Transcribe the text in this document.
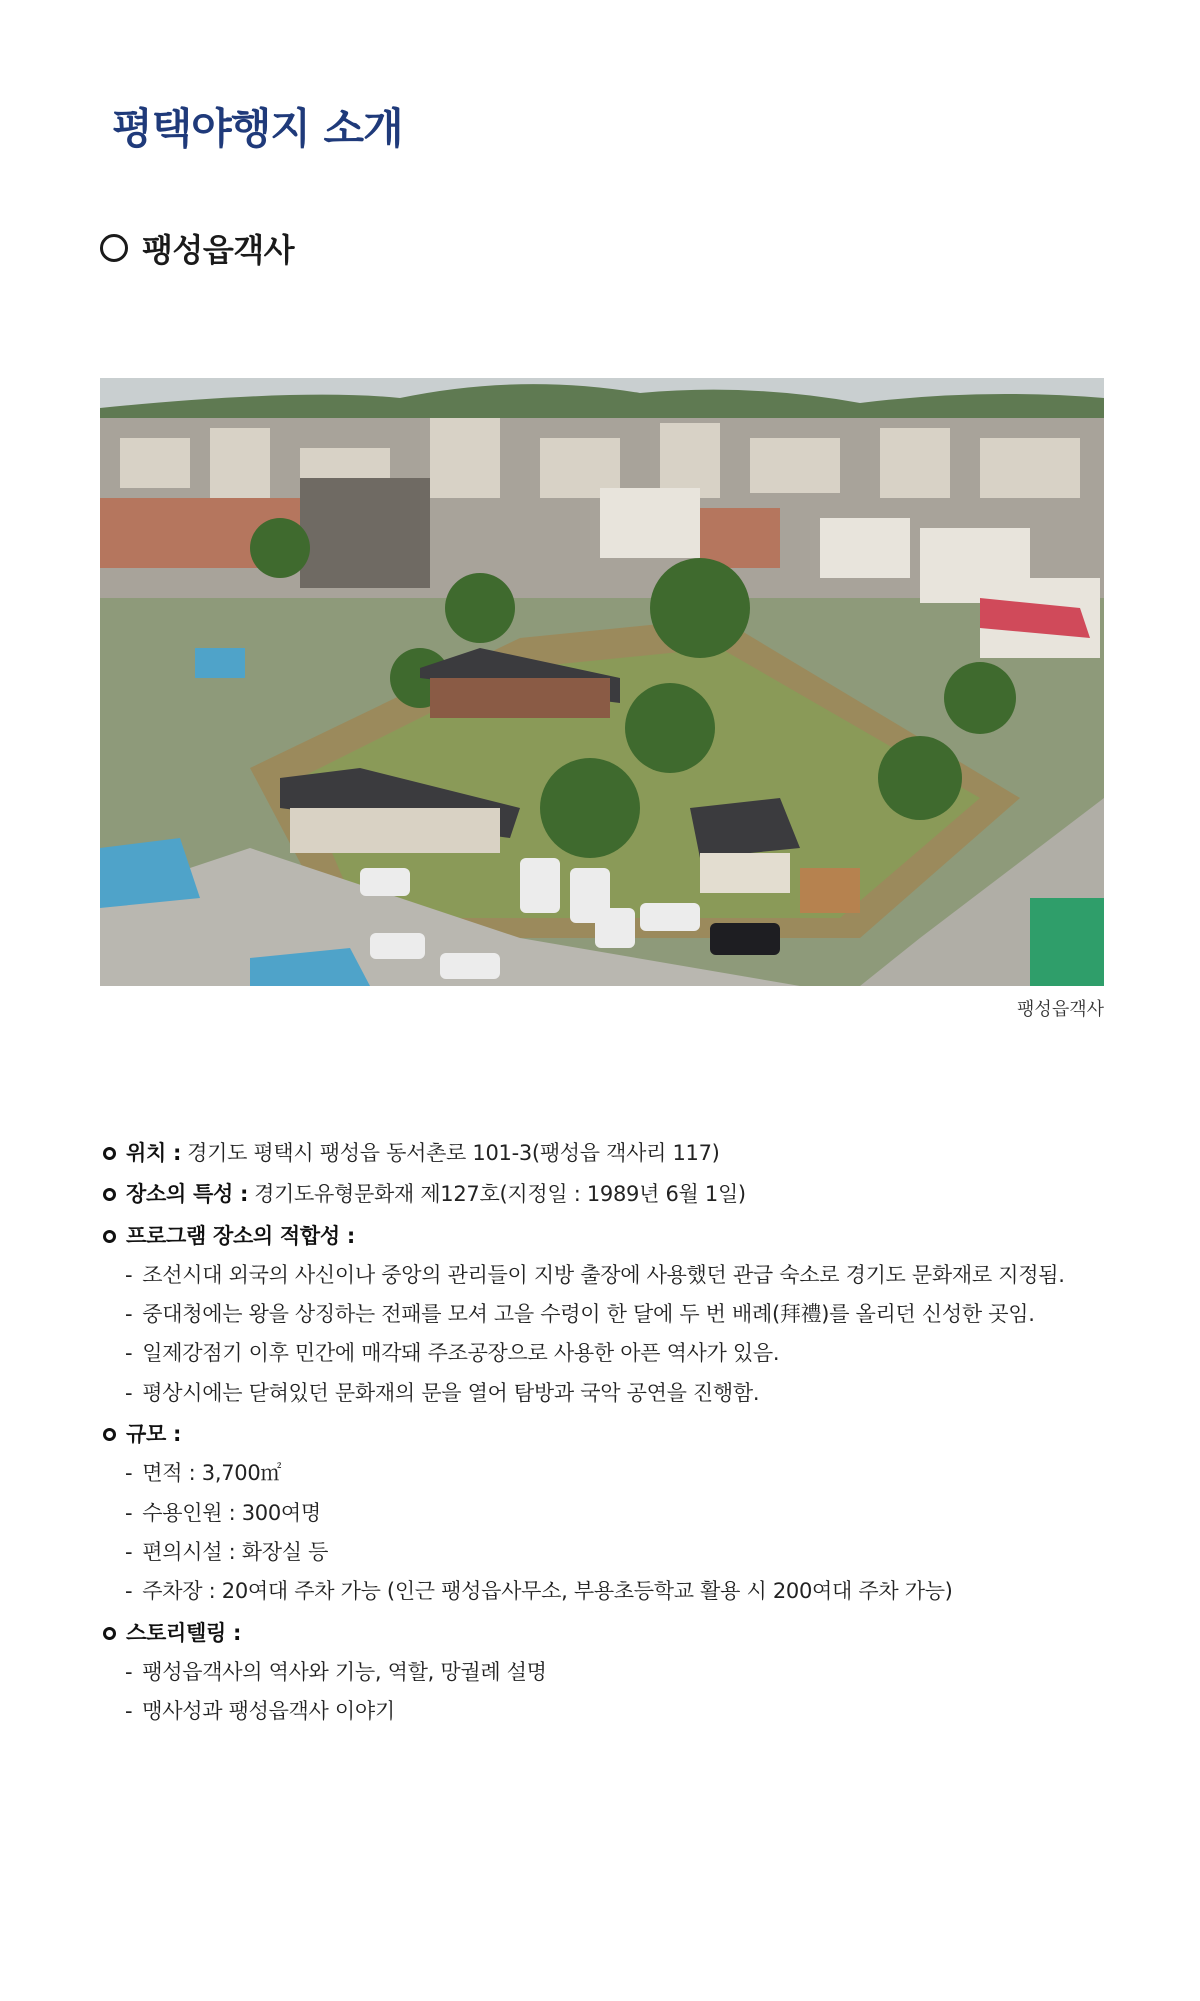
평택야행지 소개
팽성읍객사
팽성읍객사
위치 : 경기도 평택시 팽성읍 동서촌로 101-3(팽성읍 객사리 117)
장소의 특성 : 경기도유형문화재 제127호(지정일 : 1989년 6월 1일)
프로그램 장소의 적합성 :
- 조선시대 외국의 사신이나 중앙의 관리들이 지방 출장에 사용했던 관급 숙소로 경기도 문화재로 지정됨.
- 중대청에는 왕을 상징하는 전패를 모셔 고을 수령이 한 달에 두 번 배례(拜禮)를 올리던 신성한 곳임.
- 일제강점기 이후 민간에 매각돼 주조공장으로 사용한 아픈 역사가 있음.
- 평상시에는 닫혀있던 문화재의 문을 열어 탐방과 국악 공연을 진행함.
규모 :
- 면적 : 3,700㎡
- 수용인원 : 300여명
- 편의시설 : 화장실 등
- 주차장 : 20여대 주차 가능 (인근 팽성읍사무소, 부용초등학교 활용 시 200여대 주차 가능)
스토리텔링 :
- 팽성읍객사의 역사와 기능, 역할, 망궐례 설명
- 맹사성과 팽성읍객사 이야기
